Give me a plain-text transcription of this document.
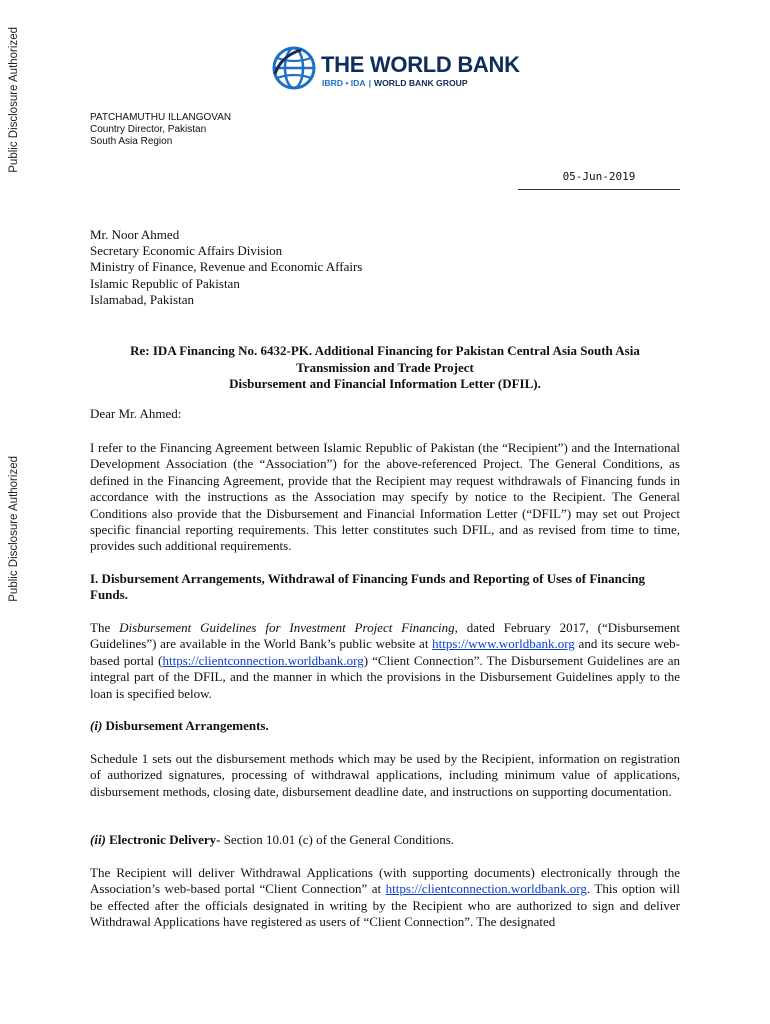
Public Disclosure Authorized
Public Disclosure Authorized
THE WORLD BANK
IBRD • IDA | WORLD BANK GROUP
PATCHAMUTHU ILLANGOVAN
Country Director, Pakistan
South Asia Region
05-Jun-2019
Mr. Noor Ahmed
Secretary Economic Affairs Division
Ministry of Finance, Revenue and Economic Affairs
Islamic Republic of Pakistan
Islamabad, Pakistan
Re: IDA Financing No. 6432-PK. Additional Financing for Pakistan Central Asia South Asia
Transmission and Trade Project
Disbursement and Financial Information Letter (DFIL).

Dear Mr. Ahmed:

I refer to the Financing Agreement between Islamic Republic of Pakistan (the “Recipient”) and the International Development Association (the “Association”) for the above-referenced Project. The General Conditions, as defined in the Financing Agreement, provide that the Recipient may request withdrawals of Financing funds in accordance with the instructions as the Association may specify by notice to the Recipient. The General Conditions also provide that the Disbursement and Financial Information Letter (“DFIL”) may set out Project specific financial reporting requirements. This letter constitutes such DFIL, and as revised from time to time, provides such additional requirements.

I. Disbursement Arrangements, Withdrawal of Financing Funds and Reporting of Uses of Financing Funds.

The Disbursement Guidelines for Investment Project Financing, dated February 2017, (“Disbursement Guidelines”) are available in the World Bank’s public website at https://www.worldbank.org and its secure web-based portal (https://clientconnection.worldbank.org) “Client Connection”. The Disbursement Guidelines are an integral part of the DFIL, and the manner in which the provisions in the Disbursement Guidelines apply to the loan is specified below.

(i) Disbursement Arrangements.

Schedule 1 sets out the disbursement methods which may be used by the Recipient, information on registration of authorized signatures, processing of withdrawal applications, including minimum value of applications, disbursement methods, closing date, disbursement deadline date, and instructions on supporting documentation.

(ii) Electronic Delivery- Section 10.01 (c) of the General Conditions.

The Recipient will deliver Withdrawal Applications (with supporting documents) electronically through the Association’s web-based portal “Client Connection” at https://clientconnection.worldbank.org. This option will be effected after the officials designated in writing by the Recipient who are authorized to sign and deliver Withdrawal Applications have registered as users of “Client Connection”. The designated
